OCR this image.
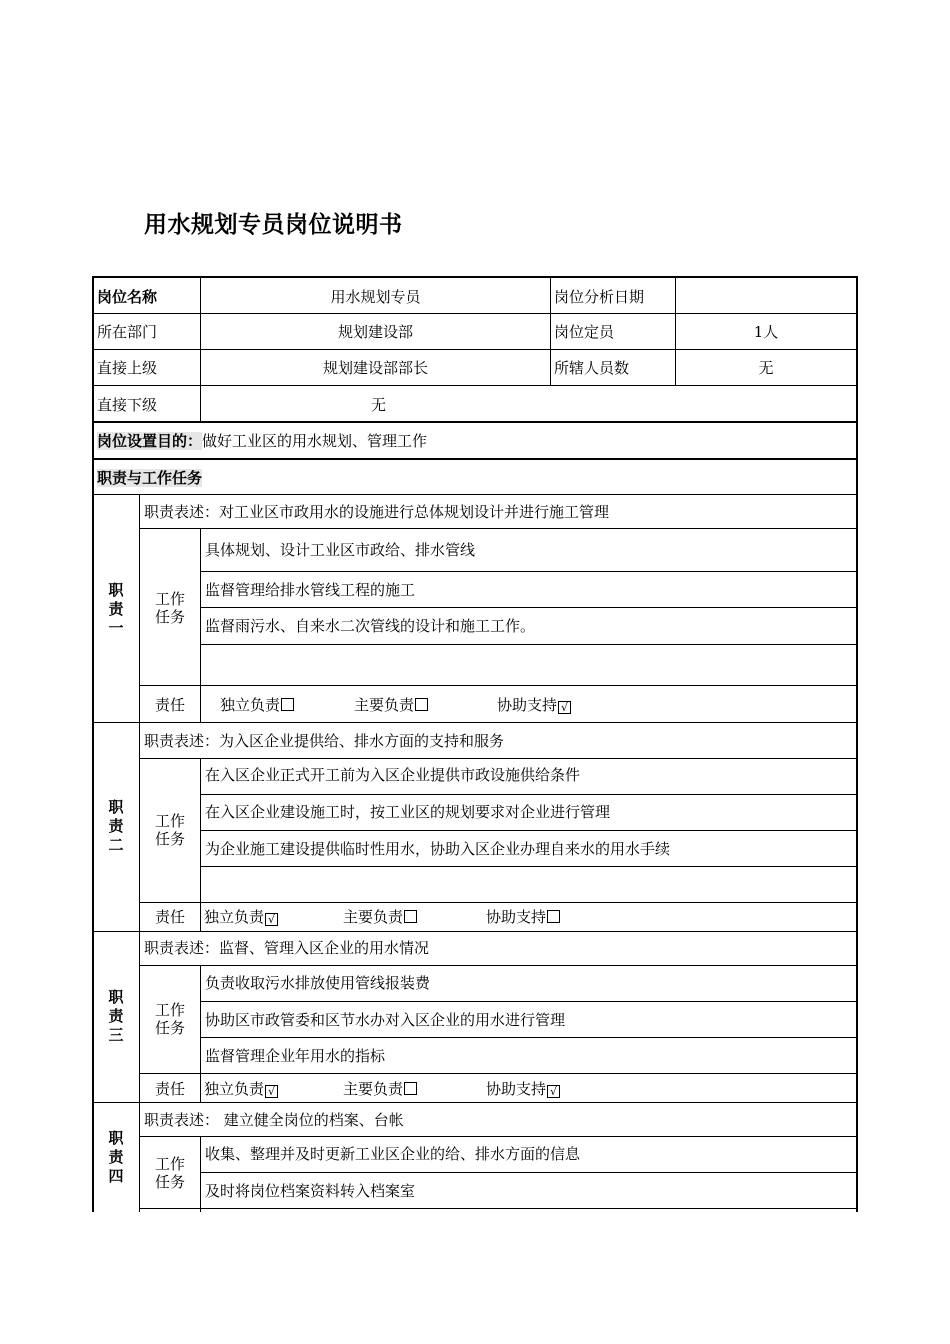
用水规划专员岗位说明书
岗位名称	用水规划专员	岗位分析日期
所在部门	规划建设部	岗位定员	1人
直接上级	规划建设部部长	所辖人员数	无
直接下级	无
岗位设置目的：做好工业区的用水规划、管理工作
职责与工作任务
职
责
一
职责表述：对工业区市政用水的设施进行总体规划设计并进行施工管理
工作
任务
具体规划、设计工业区市政给、排水管线
监督管理给排水管线工程的施工
监督雨污水、自来水二次管线的设计和施工工作。
责任	独立负责	主要负责	协助支持 √
职
责
二
职责表述：为入区企业提供给、排水方面的支持和服务
工作
任务
在入区企业正式开工前为入区企业提供市政设施供给条件
在入区企业建设施工时，按工业区的规划要求对企业进行管理
为企业施工建设提供临时性用水，协助入区企业办理自来水的用水手续
责任	独立负责 √	主要负责	协助支持
职
责
三
职责表述：监督、管理入区企业的用水情况
工作
任务
负责收取污水排放使用管线报装费
协助区市政管委和区节水办对入区企业的用水进行管理
监督管理企业年用水的指标
责任	独立负责 √	主要负责	协助支持 √
职
责
四
职责表述： 建立健全岗位的档案、台帐
工作
任务
收集、整理并及时更新工业区企业的给、排水方面的信息
及时将岗位档案资料转入档案室
